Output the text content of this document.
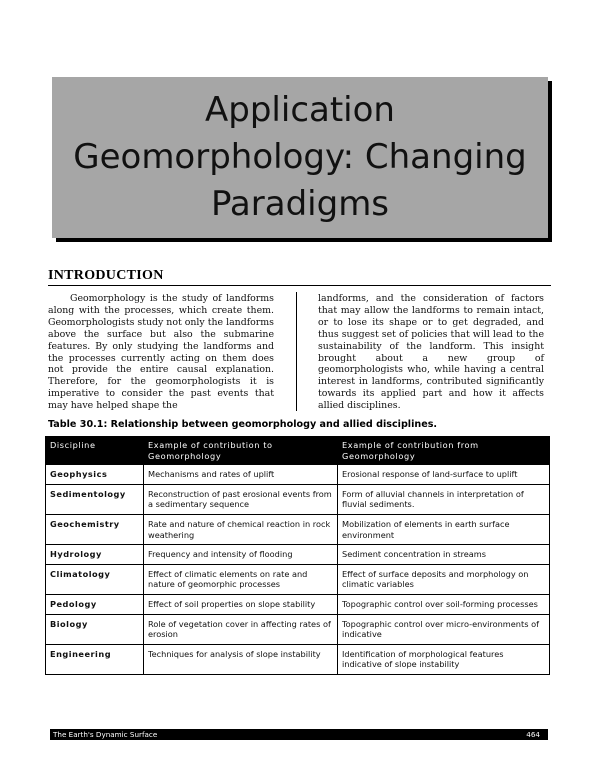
Application
Geomorphology: Changing
Paradigms
INTRODUCTION

Geomorphology is the study of landforms along with the processes, which create them. Geomorphologists study not only the landforms above the surface but also the submarine features. By only studying the landforms and the processes currently acting on them does not provide the entire causal explanation. Therefore, for the geomorphologists it is imperative to consider the past events that may have helped shape the

landforms, and the consideration of factors that may allow the landforms to remain intact, or to lose its shape or to get degraded, and thus suggest set of policies that will lead to the sustainability of the landform. This insight brought about a new group of geomorphologists who, while having a central interest in landforms, contributed significantly towards its applied part and how it affects allied disciplines.

Table 30.1: Relationship between geomorphology and allied disciplines.
Discipline	Example of contribution to Geomorphology	Example of contribution from Geomorphology
Geophysics	Mechanisms and rates of uplift	Erosional response of land-surface to uplift
Sedimentology	Reconstruction of past erosional events from a sedimentary sequence	Form of alluvial channels in interpretation of fluvial sediments.
Geochemistry	Rate and nature of chemical reaction in rock weathering	Mobilization of elements in earth surface environment
Hydrology	Frequency and intensity of flooding	Sediment concentration in streams
Climatology	Effect of climatic elements on rate and nature of geomorphic processes	Effect of surface deposits and morphology on climatic variables
Pedology	Effect of soil properties on slope stability	Topographic control over soil-forming processes
Biology	Role of vegetation cover in affecting rates of erosion	Topographic control over micro-environments of indicative
Engineering	Techniques for analysis of slope instability	Identification of morphological features indicative of slope instability
The Earth's Dynamic Surface	464
